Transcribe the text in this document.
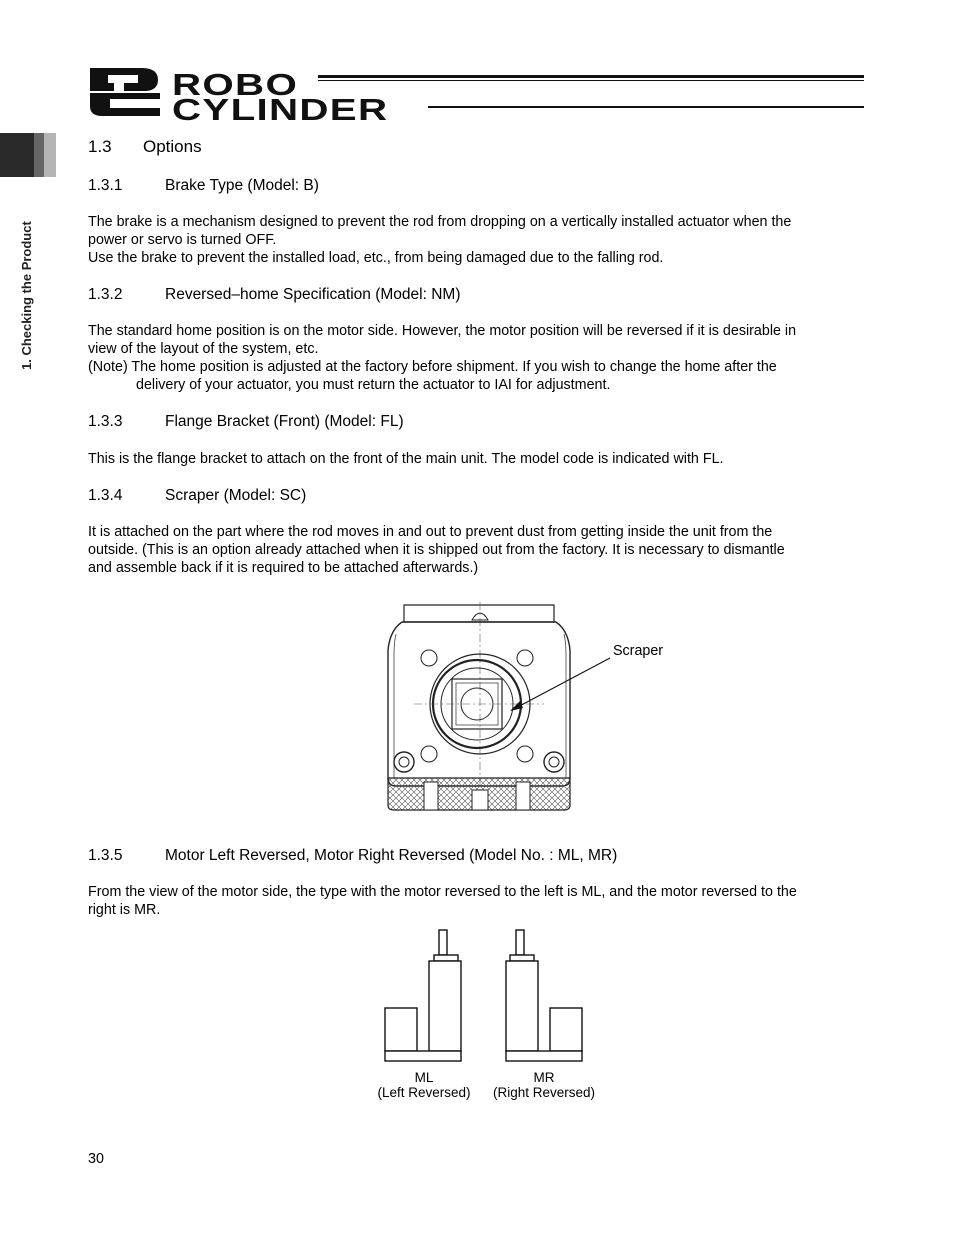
ROBO
CYLINDER
1. Checking the Product
1.3 Options
1.3.1	Brake Type (Model: B)
The brake is a mechanism designed to prevent the rod from dropping on a vertically installed actuator when the
power or servo is turned OFF.
Use the brake to prevent the installed load, etc., from being damaged due to the falling rod.
1.3.2	Reversed–home Specification (Model: NM)
The standard home position is on the motor side. However, the motor position will be reversed if it is desirable in
view of the layout of the system, etc.
(Note) The home position is adjusted at the factory before shipment. If you wish to change the home after the
delivery of your actuator, you must return the actuator to IAI for adjustment.
1.3.3	Flange Bracket (Front) (Model: FL)
This is the flange bracket to attach on the front of the main unit. The model code is indicated with FL.
1.3.4	Scraper (Model: SC)
It is attached on the part where the rod moves in and out to prevent dust from getting inside the unit from the
outside. (This is an option already attached when it is shipped out from the factory. It is necessary to dismantle
and assemble back if it is required to be attached afterwards.)
Scraper
1.3.5	Motor Left Reversed, Motor Right Reversed (Model No. : ML, MR)
From the view of the motor side, the type with the motor reversed to the left is ML, and the motor reversed to the
right is MR.
ML
(Left Reversed)
MR
(Right Reversed)
30
